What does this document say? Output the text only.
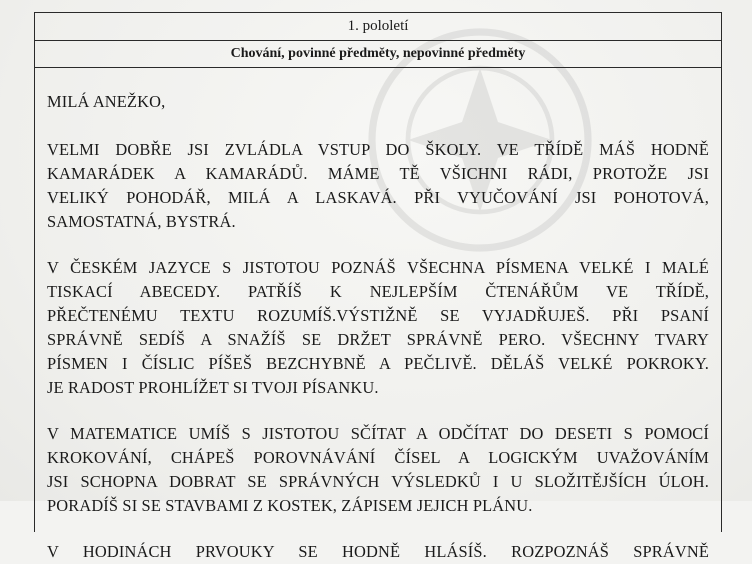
1. pololetí
Chování, povinné předměty, nepovinné předměty

MILÁ ANEŽKO,

VELMI DOBŘE JSI ZVLÁDLA VSTUP DO ŠKOLY. VE TŘÍDĚ MÁŠ HODNĚ
KAMARÁDEK A KAMARÁDŮ. MÁME TĚ VŠICHNI RÁDI, PROTOŽE JSI
VELIKÝ POHODÁŘ, MILÁ A LASKAVÁ. PŘI VYUČOVÁNÍ JSI POHOTOVÁ,
SAMOSTATNÁ, BYSTRÁ.

V ČESKÉM JAZYCE S JISTOTOU POZNÁŠ VŠECHNA PÍSMENA VELKÉ I MALÉ
TISKACÍ ABECEDY. PATŘÍŠ K NEJLEPŠÍM ČTENÁŘŮM VE TŘÍDĚ,
PŘEČTENÉMU TEXTU ROZUMÍŠ.VÝSTIŽNĚ SE VYJADŘUJEŠ. PŘI PSANÍ
SPRÁVNĚ SEDÍŠ A SNAŽÍŠ SE DRŽET SPRÁVNĚ PERO. VŠECHNY TVARY
PÍSMEN I ČÍSLIC PÍŠEŠ BEZCHYBNĚ A PEČLIVĚ. DĚLÁŠ VELKÉ POKROKY.
JE RADOST PROHLÍŽET SI TVOJI PÍSANKU.

V MATEMATICE UMÍŠ S JISTOTOU SČÍTAT A ODČÍTAT DO DESETI S POMOCÍ
KROKOVÁNÍ, CHÁPEŠ POROVNÁVÁNÍ ČÍSEL A LOGICKÝM UVAŽOVÁNÍM
JSI SCHOPNA DOBRAT SE SPRÁVNÝCH VÝSLEDKŮ I U SLOŽITĚJŠÍCH ÚLOH.
PORADÍŠ SI SE STAVBAMI Z KOSTEK, ZÁPISEM JEJICH PLÁNU.

V HODINÁCH PRVOUKY SE HODNĚ HLÁSÍŠ. ROZPOZNÁŠ SPRÁVNĚ
